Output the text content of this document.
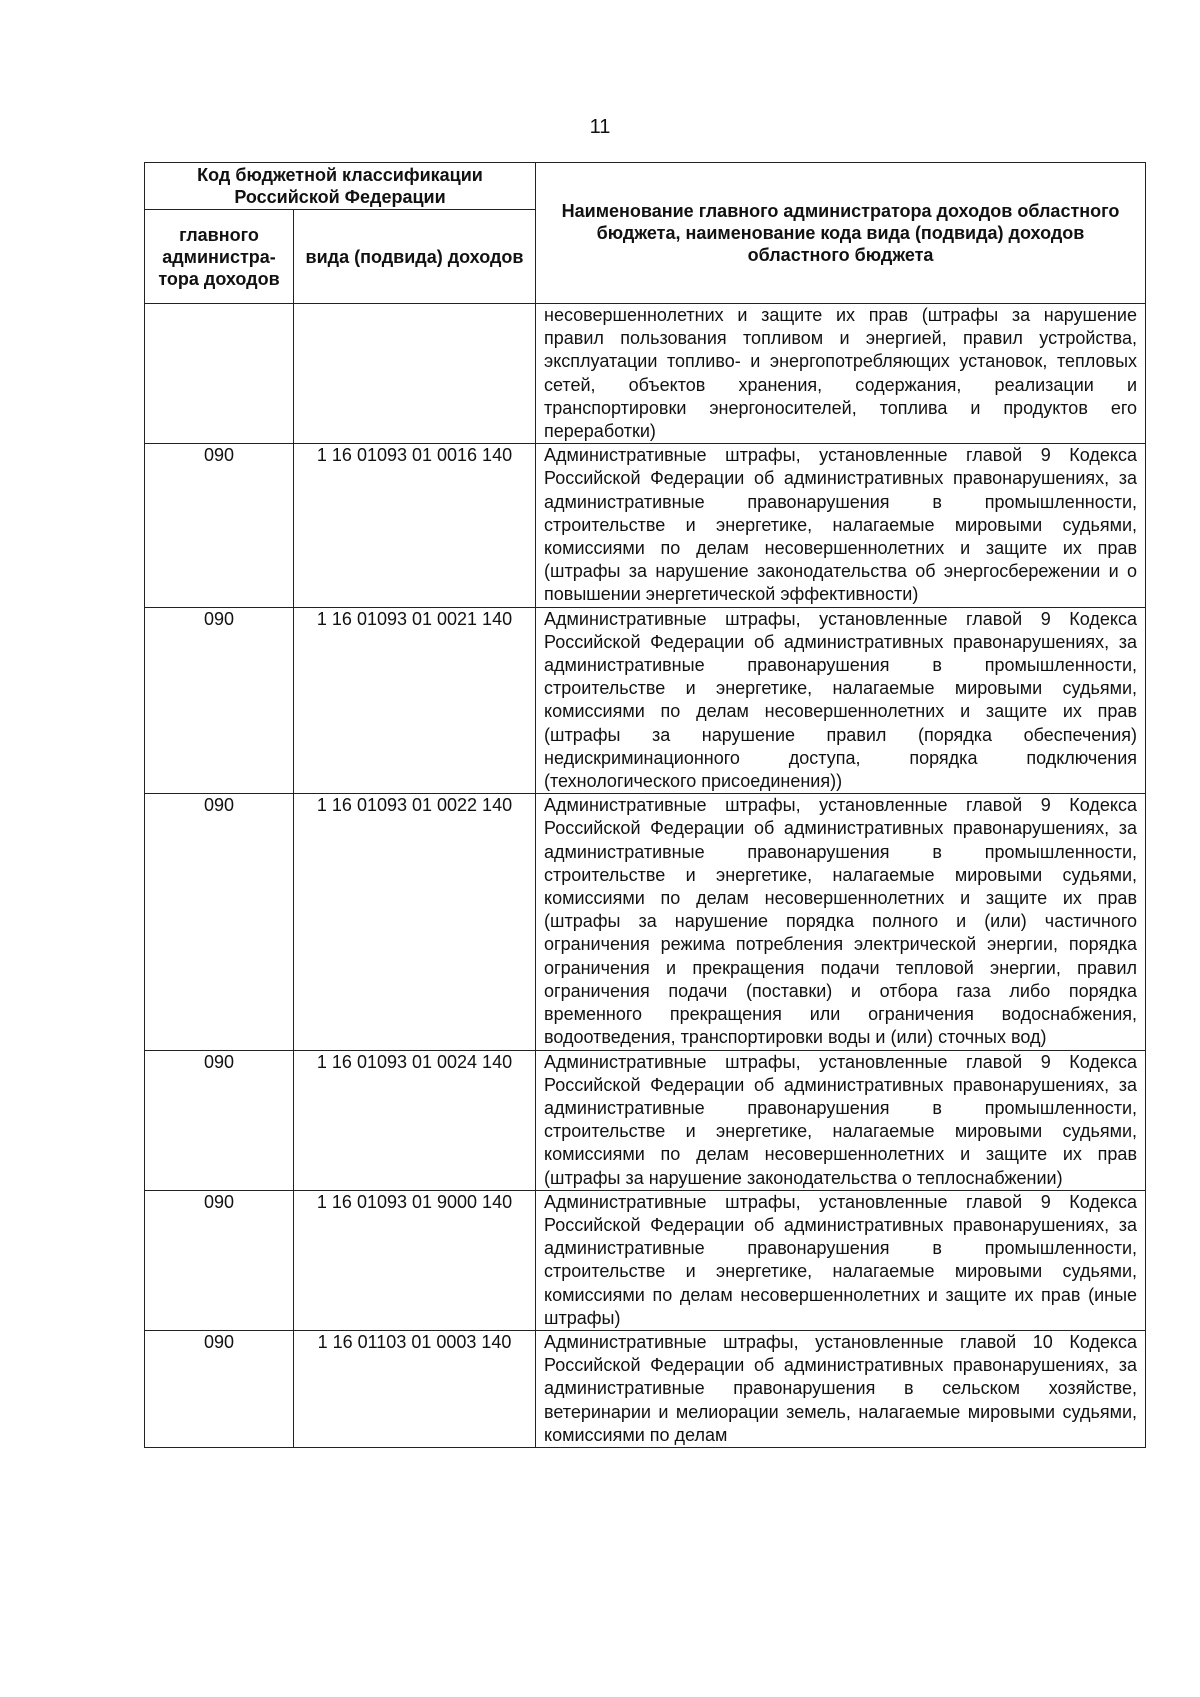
11
Код бюджетной классификации Российской Федерации		Наименование главного администратора доходов областного бюджета, наименование кода вида (подвида) доходов областного бюджета
главного администра-тора доходов	вида (подвида) доходов	
		несовершеннолетних и защите их прав (штрафы за нарушение правил пользования топливом и энергией, правил устройства, эксплуатации топливо- и энергопотребляющих установок, тепловых сетей, объектов хранения, содержания, реализации и транспортировки энергоносителей, топлива и продуктов его переработки)
090	1 16 01093 01 0016 140	Административные штрафы, установленные главой 9 Кодекса Российской Федерации об административных правонарушениях, за административные правонарушения в промышленности, строительстве и энергетике, налагаемые мировыми судьями, комиссиями по делам несовершеннолетних и защите их прав (штрафы за нарушение законодательства об энергосбережении и о повышении энергетической эффективности)
090	1 16 01093 01 0021 140	Административные штрафы, установленные главой 9 Кодекса Российской Федерации об административных правонарушениях, за административные правонарушения в промышленности, строительстве и энергетике, налагаемые мировыми судьями, комиссиями по делам несовершеннолетних и защите их прав (штрафы за нарушение правил (порядка обеспечения) недискриминационного доступа, порядка подключения (технологического присоединения))
090	1 16 01093 01 0022 140	Административные штрафы, установленные главой 9 Кодекса Российской Федерации об административных правонарушениях, за административные правонарушения в промышленности, строительстве и энергетике, налагаемые мировыми судьями, комиссиями по делам несовершеннолетних и защите их прав (штрафы за нарушение порядка полного и (или) частичного ограничения режима потребления электрической энергии, порядка ограничения и прекращения подачи тепловой энергии, правил ограничения подачи (поставки) и отбора газа либо порядка временного прекращения или ограничения водоснабжения, водоотведения, транспортировки воды и (или) сточных вод)
090	1 16 01093 01 0024 140	Административные штрафы, установленные главой 9 Кодекса Российской Федерации об административных правонарушениях, за административные правонарушения в промышленности, строительстве и энергетике, налагаемые мировыми судьями, комиссиями по делам несовершеннолетних и защите их прав (штрафы за нарушение законодательства о теплоснабжении)
090	1 16 01093 01 9000 140	Административные штрафы, установленные главой 9 Кодекса Российской Федерации об административных правонарушениях, за административные правонарушения в промышленности, строительстве и энергетике, налагаемые мировыми судьями, комиссиями по делам несовершеннолетних и защите их прав (иные штрафы)
090	1 16 01103 01 0003 140	Административные штрафы, установленные главой 10 Кодекса Российской Федерации об административных правонарушениях, за административные правонарушения в сельском хозяйстве, ветеринарии и мелиорации земель, налагаемые мировыми судьями, комиссиями по делам
